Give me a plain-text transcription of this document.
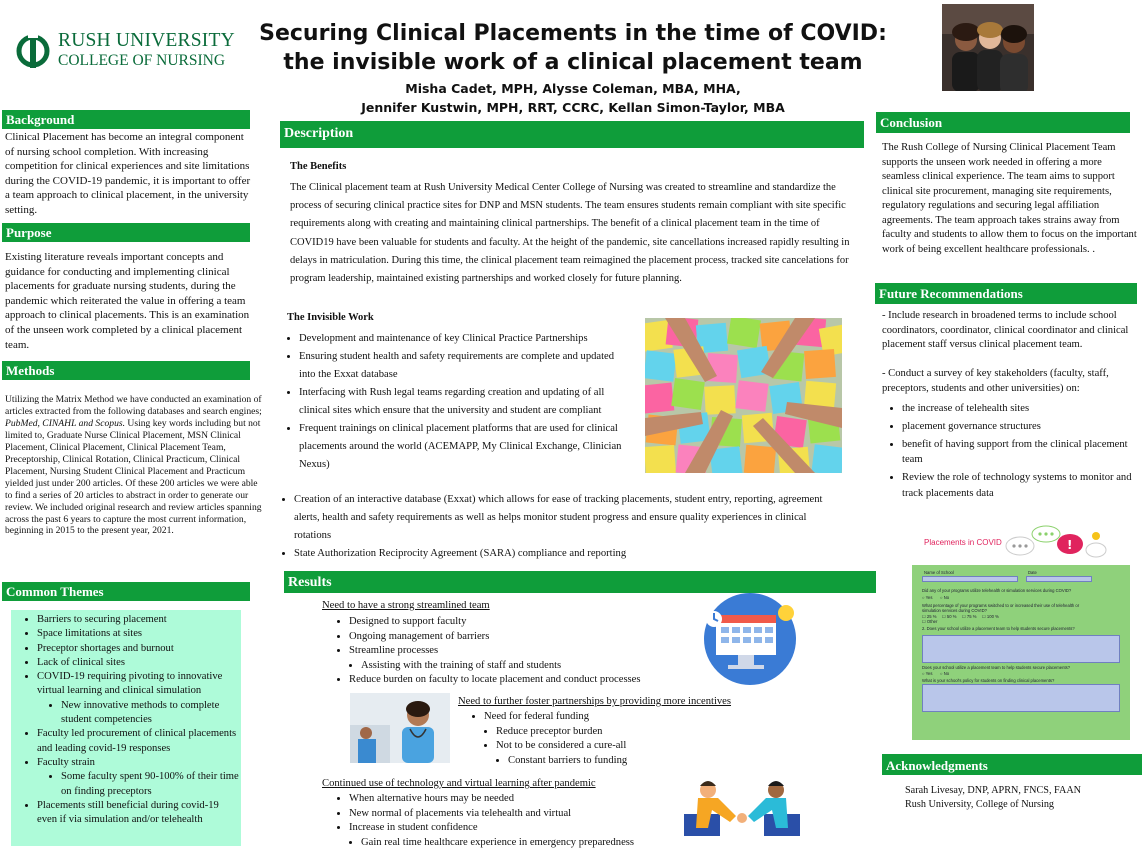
RUSH UNIVERSITY
COLLEGE OF NURSING
Securing Clinical Placements in the time of COVID:
the invisible work of a clinical placement team
Misha Cadet, MPH, Alysse Coleman, MBA, MHA,
Jennifer Kustwin, MPH, RRT, CCRC, Kellan Simon-Taylor, MBA
Background
Clinical Placement has become an integral component of nursing school completion. With increasing competition for clinical experiences and site limitations during the COVID-19 pandemic, it is important to offer a team approach to clinical placement, in the university setting.
Purpose
Existing literature reveals important concepts and guidance for conducting and implementing clinical placements for graduate nursing students, during the pandemic which reiterated the value in offering a team approach to clinical placements. This is an examination of the unseen work completed by a clinical placement team.
Methods
Utilizing the Matrix Method we have conducted an examination of articles extracted from the following databases and search engines; PubMed, CINAHL and Scopus. Using key words including but not limited to, Graduate Nurse Clinical Placement, MSN Clinical Placement, Clinical Placement, Clinical Placement Team, Preceptorship, Clinical Rotation, Clinical Practicum, Clinical Placement, Nursing Student Clinical Placement and Practicum yielded just under 200 articles. Of these 200 articles we were able to find a series of 20 articles to abstract in order to generate our review. We included original research and review articles spanning across the past 6 years to capture the most current information, beginning in 2015 to the present year, 2021.
Common Themes
• Barriers to securing placement
• Space limitations at sites
• Preceptor shortages and burnout
• Lack of clinical sites
• COVID-19 requiring pivoting to innovative virtual learning and clinical simulation
• New innovative methods to complete student competencies
• Faculty led procurement of clinical placements and leading covid-19 responses
• Faculty strain
• Some faculty spent 90-100% of their time on finding preceptors
• Placements still beneficial during covid-19 even if via simulation and/or telehealth
Description
The Benefits
The Clinical placement team at Rush University Medical Center College of Nursing was created to streamline and standardize the process of securing clinical practice sites for DNP and MSN students. The team ensures students remain compliant with site specific requirements along with creating and maintaining clinical partnerships. The benefit of a clinical placement team in the time of COVID19 have been valuable for students and faculty. At the height of the pandemic, site cancellations increased rapidly resulting in delays in matriculation. During this time, the clinical placement team reimagined the placement process, tracked site cancelations for program leadership, maintained existing partnerships and worked closely for future planning.
The Invisible Work
• Development and maintenance of key Clinical Practice Partnerships
• Ensuring student health and safety requirements are complete and updated into the Exxat database
• Interfacing with Rush legal teams regarding creation and updating of all clinical sites which ensure that the university and student are compliant
• Frequent trainings on clinical placement platforms that are used for clinical placements around the world (ACEMAPP, My Clinical Exchange, Clinician Nexus)
• Creation of an interactive database (Exxat) which allows for ease of tracking placements, student entry, reporting, agreement alerts, health and safety requirements as well as helps monitor student progress and ensure quality experiences in clinical rotations
• State Authorization Reciprocity Agreement (SARA) compliance and reporting
Results
Need to have a strong streamlined team
• Designed to support faculty
• Ongoing management of barriers
• Streamline processes
• Assisting with the training of staff and students
• Reduce burden on faculty to locate placement and conduct processes
Need to further foster partnerships by providing more incentives
• Need for federal funding
• Reduce preceptor burden
• Not to be considered a cure-all
• Constant barriers to funding
Continued use of technology and virtual learning after pandemic
• When alternative hours may be needed
• New normal of placements via telehealth and virtual
• Increase in student confidence
• Gain real time healthcare experience in emergency preparedness
Conclusion
The Rush College of Nursing Clinical Placement Team supports the unseen work needed in offering a more seamless clinical experience. The team aims to support clinical site procurement, managing site requirements, regulatory regulations and securing legal affiliation agreements. The team approach takes strains away from faculty and students to allow them to focus on the important work of being excellent healthcare professionals. .
Future Recommendations
- Include research in broadened terms to include school coordinators, coordinator, clinical coordinator and clinical placement staff versus clinical placement team.
- Conduct a survey of key stakeholders (faculty, staff, preceptors, students and other universities) on:
• the increase of telehealth sites
• placement governance structures
• benefit of having support from the clinical placement team
• Review the role of technology systems to monitor and track placements data
Placements in COVID	!
Name of School	Date
Did any of your programs utilize telehealth or simulation services during COVID?
○ Yes ○ No
What percentage of your programs switched to or increased their use of telehealth or simulation services during COVID?
☐ 25 % ☐ 50 % ☐ 75 % ☐ 100 %
☐ Other
2. Does your school utilize a placement team to help students secure placements?
Does your school utilize a placement team to help students secure placements?
○ Yes ○ No
What is your school's policy for students on finding clinical placements?
Acknowledgments
Sarah Livesay, DNP, APRN, FNCS, FAAN
Rush University, College of Nursing
